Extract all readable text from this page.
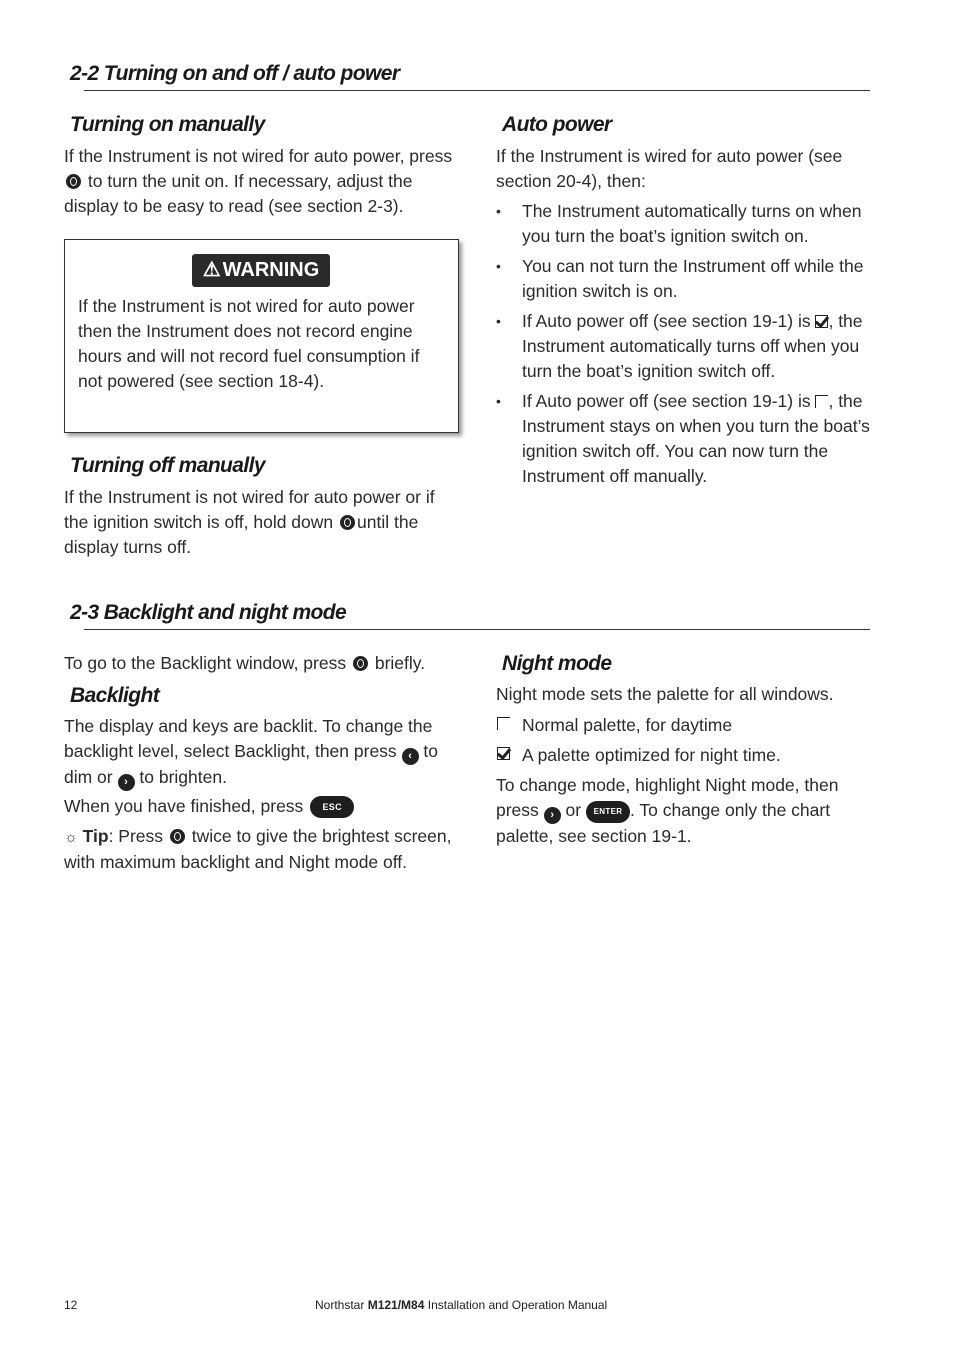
2-2 Turning on and off / auto power
Turning on manually

If the Instrument is not wired for auto power, press  to turn the unit on. If necessary, adjust the display to be easy to read (see section 2-3).

⚠ WARNING

If the Instrument is not wired for auto power then the Instrument does not record engine hours and will not record fuel consumption if not powered (see section 18-4).

Turning off manually

If the Instrument is not wired for auto power or if the ignition switch is off, hold down until the display turns off.

Auto power

If the Instrument is wired for auto power (see section 20-4), then:

• The Instrument automatically turns on when you turn the boat’s ignition switch on.
• You can not turn the Instrument off while the ignition switch is on.
• If Auto power off (see section 19-1) is , the Instrument automatically turns off when you turn the boat’s ignition switch off.
• If Auto power off (see section 19-1) is , the Instrument stays on when you turn the boat’s ignition switch off. You can now turn the Instrument off manually.
2-3 Backlight and night mode

To go to the Backlight window, press briefly.

Backlight

The display and keys are backlit. To change the backlight level, select Backlight, then press ‹ to dim or › to brighten.

When you have finished, press ESC

☼ Tip: Press twice to give the brightest screen, with maximum backlight and Night mode off.

Night mode

Night mode sets the palette for all windows.

Normal palette, for daytime
A palette optimized for night time.

To change mode, highlight Night mode, then press › or ENTER . To change only the chart palette, see section 19-1.

12	Northstar M121/M84 Installation and Operation Manual
